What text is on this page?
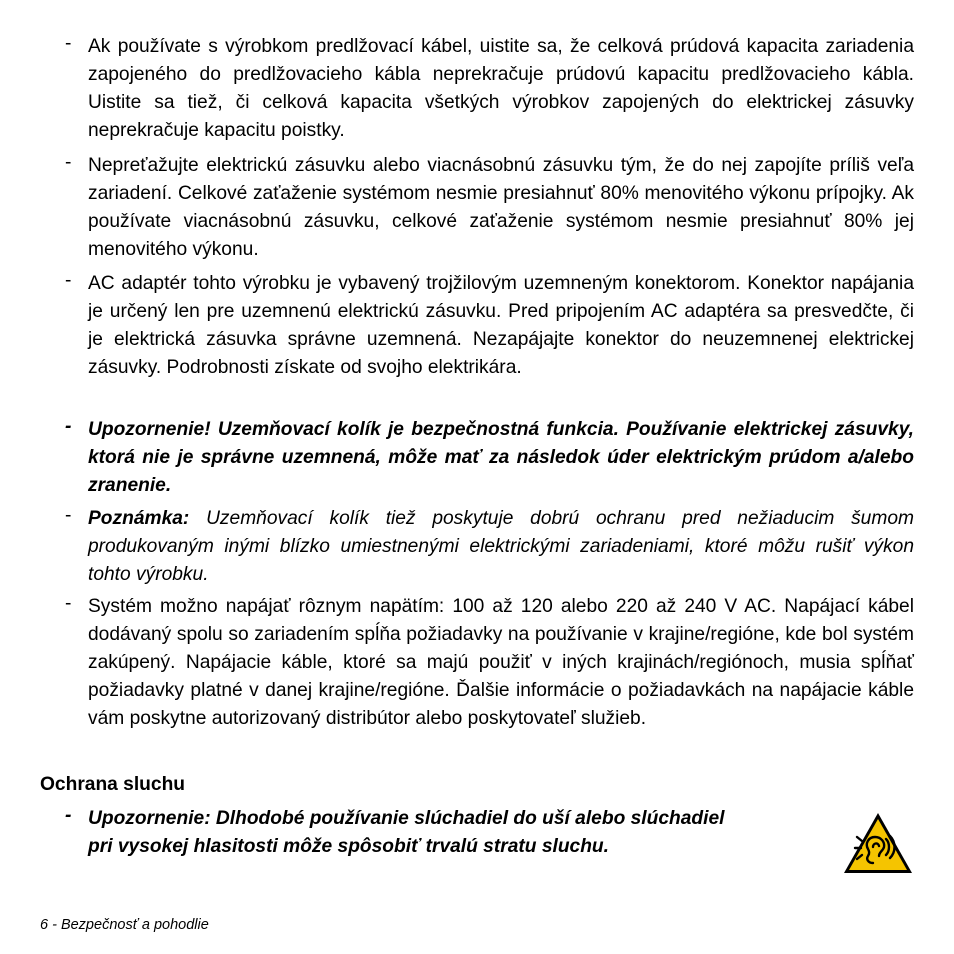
- Ak používate s výrobkom predlžovací kábel, uistite sa, že celková prúdová kapacita zariadenia zapojeného do predlžovacieho kábla neprekračuje prúdovú kapacitu predlžovacieho kábla. Uistite sa tiež, či celková kapacita všetkých výrobkov zapojených do elektrickej zásuvky neprekračuje kapacitu poistky.
- Nepreťažujte elektrickú zásuvku alebo viacnásobnú zásuvku tým, že do nej zapojíte príliš veľa zariadení. Celkové zaťaženie systémom nesmie presiahnuť 80% menovitého výkonu prípojky. Ak používate viacnásobnú zásuvku, celkové zaťaženie systémom nesmie presiahnuť 80% jej menovitého výkonu.
- AC adaptér tohto výrobku je vybavený trojžilovým uzemneným konektorom. Konektor napájania je určený len pre uzemnenú elektrickú zásuvku. Pred pripojením AC adaptéra sa presvedčte, či je elektrická zásuvka správne uzemnená. Nezapájajte konektor do neuzemnenej elektrickej zásuvky. Podrobnosti získate od svojho elektrikára.
- Upozornenie! Uzemňovací kolík je bezpečnostná funkcia. Používanie elektrickej zásuvky, ktorá nie je správne uzemnená, môže mať za následok úder elektrickým prúdom a/alebo zranenie.
- Poznámka: Uzemňovací kolík tiež poskytuje dobrú ochranu pred nežiaducim šumom produkovaným inými blízko umiestnenými elektrickými zariadeniami, ktoré môžu rušiť výkon tohto výrobku.
- Systém možno napájať rôznym napätím: 100 až 120 alebo 220 až 240 V AC. Napájací kábel dodávaný spolu so zariadením spĺňa požiadavky na používanie v krajine/regióne, kde bol systém zakúpený. Napájacie káble, ktoré sa majú použiť v iných krajinách/regiónoch, musia spĺňať požiadavky platné v danej krajine/regióne. Ďalšie informácie o požiadavkách na napájacie káble vám poskytne autorizovaný distribútor alebo poskytovateľ služieb.
Ochrana sluchu
- Upozornenie: Dlhodobé používanie slúchadiel do uší alebo slúchadiel
pri vysokej hlasitosti môže spôsobiť trvalú stratu sluchu.
6 - Bezpečnosť a pohodlie
